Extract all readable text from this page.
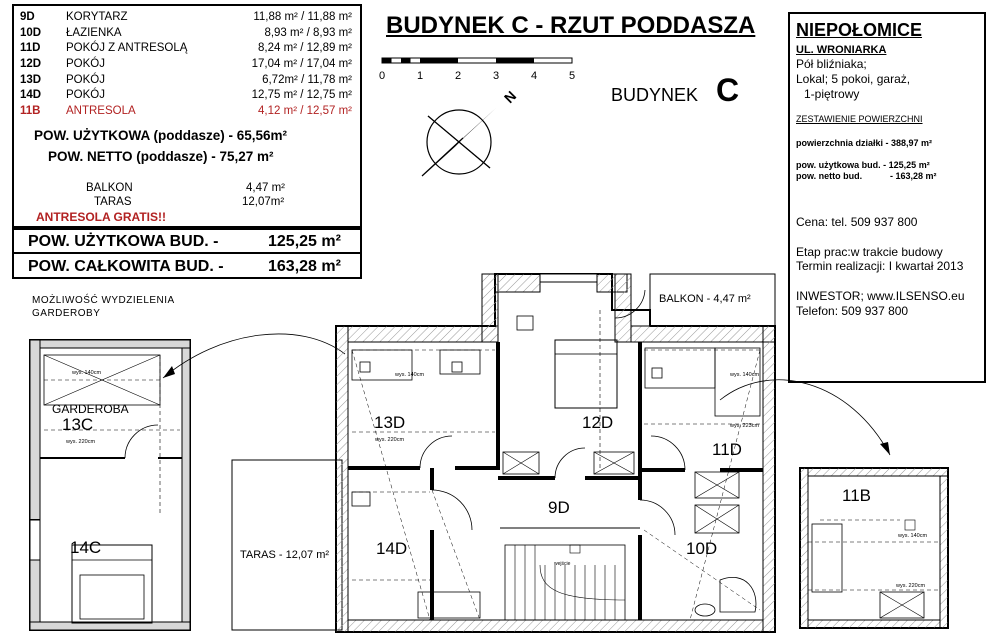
9D	KORYTARZ	11,88 m² / 11,88 m²
10D ŁAZIENKA	8,93 m² / 8,93 m²
11D POKÓJ Z ANTRESOLĄ	8,24 m² / 12,89 m²
12D POKÓJ	17,04 m² / 17,04 m²
13D POKÓJ	6,72m² / 11,78 m²
14D POKÓJ	12,75 m² / 12,75 m²
11B ANTRESOLA	4,12 m² / 12,57 m²
POW. UŻYTKOWA (poddasze) - 65,56m²
POW. NETTO (poddasze) - 75,27 m²
BALKON	4,47 m²
TARAS	12,07m²
ANTRESOLA GRATIS!!
POW. UŻYTKOWA BUD. -	125,25 m²
POW. CAŁKOWITA BUD. -	163,28 m²
BUDYNEK C - RZUT PODDASZA NIEPOŁOMICE
UL. WRONIARKA
Pół bliźniaka;
Lokal; 5 pokoi, garaż,
1-piętrowy
ZESTAWIENIE POWIERZCHNI
powierzchnia działki - 388,97 m²
pow. użytkowa bud. - 125,25 m²
pow. netto bud.	- 163,28 m²
Cena: tel. 509 937 800
Etap prac:w trakcie budowy
Termin realizacji: I kwartał 2013
INWESTOR; www.ILSENSO.eu
Telefon: 509 937 800
0	1	2	3	4	5
BUDYNEK C
N
MOŻLIWOŚĆ WYDZIELENIA
GARDEROBY
wys. 140cm
wys. 220cm
GARDEROBA
13C
14C	TARAS - 12,07 m²
BALKON - 4,47 m²
wys. 140cm
wys. 220cm
wys. 140cm
wys. 223cm
wejście
13D	12D
11D
9D
14D	10D
wys. 140cm
wys. 220cm
11B
